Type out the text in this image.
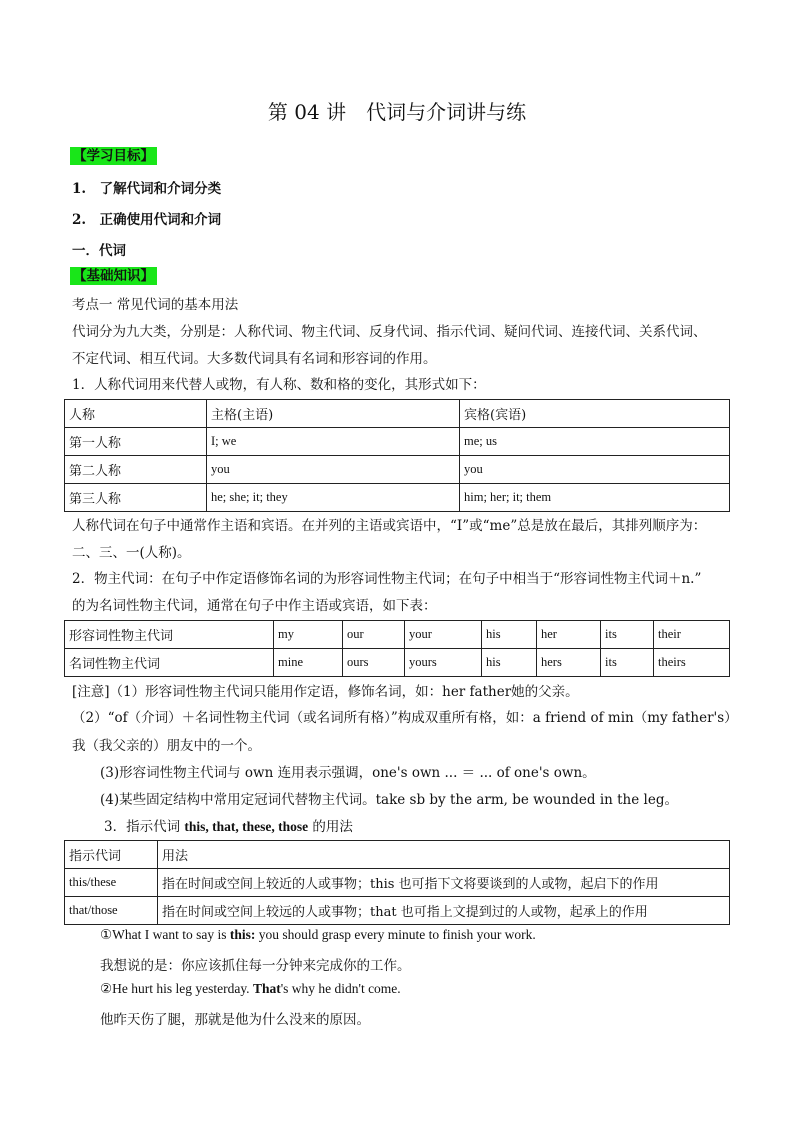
第 04 讲　代词与介词讲与练
【学习目标】
1.　了解代词和介词分类
2.　正确使用代词和介词
一．代词
【基础知识】
考点一 常见代词的基本用法
代词分为九大类，分别是：人称代词、物主代词、反身代词、指示代词、疑问代词、连接代词、关系代词、
不定代词、相互代词。大多数代词具有名词和形容词的作用。
1．人称代词用来代替人或物，有人称、数和格的变化，其形式如下：
人称	主格(主语)	宾格(宾语)
第一人称	I; we	me; us
第二人称	you	you
第三人称	he; she; it; they	him; her; it; them
人称代词在句子中通常作主语和宾语。在并列的主语或宾语中，“I”或“me”总是放在最后，其排列顺序为：
二、三、一(人称)。
2．物主代词：在句子中作定语修饰名词的为形容词性物主代词；在句子中相当于“形容词性物主代词＋n.”
的为名词性物主代词，通常在句子中作主语或宾语，如下表：
形容词性物主代词	my	our	your	his	her	its	their
名词性物主代词	mine	ours	yours	his	hers	its	theirs
[注意]（1）形容词性物主代词只能用作定语，修饰名词，如：her father她的父亲。
（2）“of（介词）＋名词性物主代词（或名词所有格）”构成双重所有格，如：a friend of min（my father's）
我（我父亲的）朋友中的一个。
(3)形容词性物主代词与 own 连用表示强调，one's own ... ＝ ... of one's own。
(4)某些固定结构中常用定冠词代替物主代词。take sb by the arm, be wounded in the leg。
3．指示代词 this, that, these, those 的用法
指示代词	用法
this/these	指在时间或空间上较近的人或事物；this 也可指下文将要谈到的人或物，起启下的作用
that/those	指在时间或空间上较远的人或事物；that 也可指上文提到过的人或物，起承上的作用
①What I want to say is this: you should grasp every minute to finish your work.
我想说的是：你应该抓住每一分钟来完成你的工作。
②He hurt his leg yesterday. That's why he didn't come.
他昨天伤了腿，那就是他为什么没来的原因。
